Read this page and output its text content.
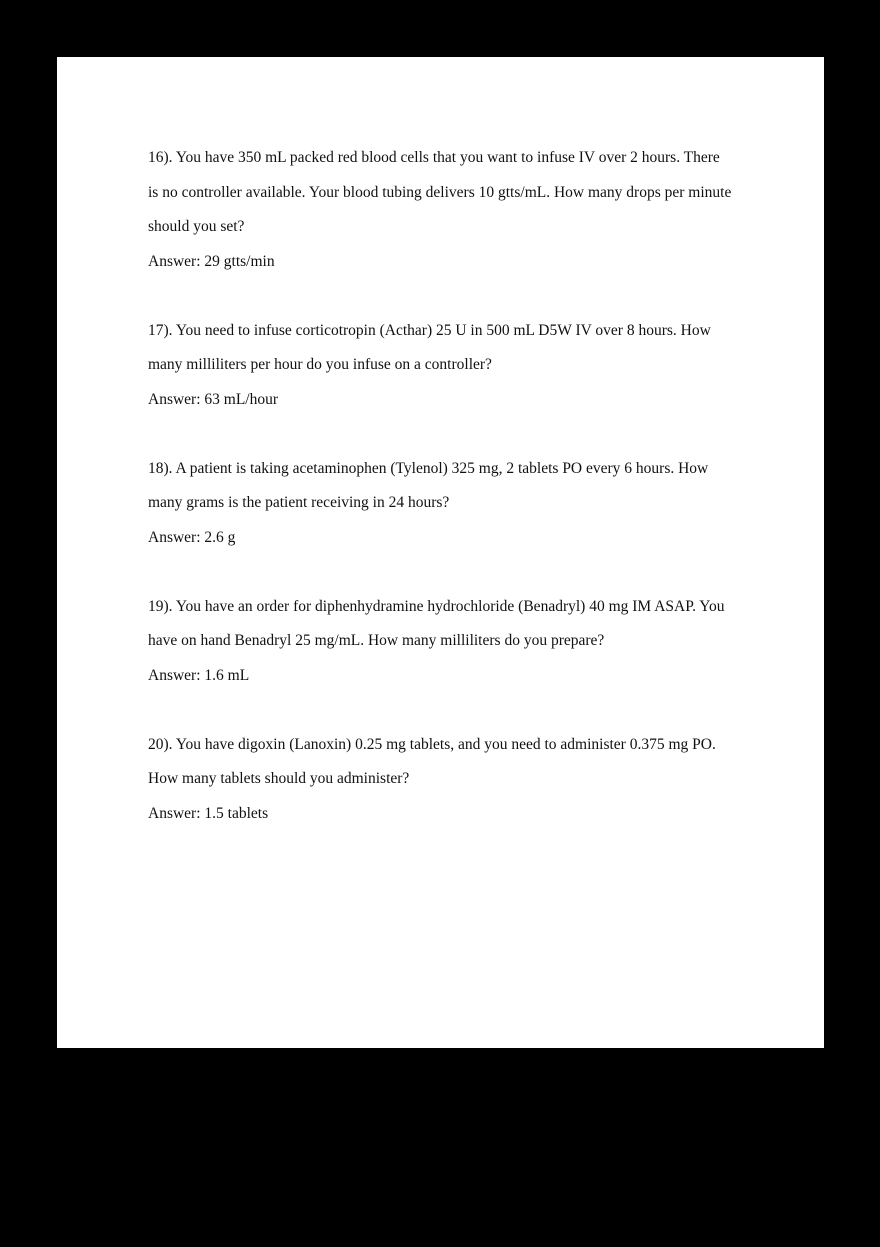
16). You have 350 mL packed red blood cells that you want to infuse IV over 2 hours. There is no controller available. Your blood tubing delivers 10 gtts/mL. How many drops per minute should you set?

Answer: 29 gtts/min

17). You need to infuse corticotropin (Acthar) 25 U in 500 mL D5W IV over 8 hours. How many milliliters per hour do you infuse on a controller?

Answer: 63 mL/hour

18). A patient is taking acetaminophen (Tylenol) 325 mg, 2 tablets PO every 6 hours. How many grams is the patient receiving in 24 hours?

Answer: 2.6 g

19). You have an order for diphenhydramine hydrochloride (Benadryl) 40 mg IM ASAP. You have on hand Benadryl 25 mg/mL. How many milliliters do you prepare?

Answer: 1.6 mL

20). You have digoxin (Lanoxin) 0.25 mg tablets, and you need to administer 0.375 mg PO. How many tablets should you administer?

Answer: 1.5 tablets
